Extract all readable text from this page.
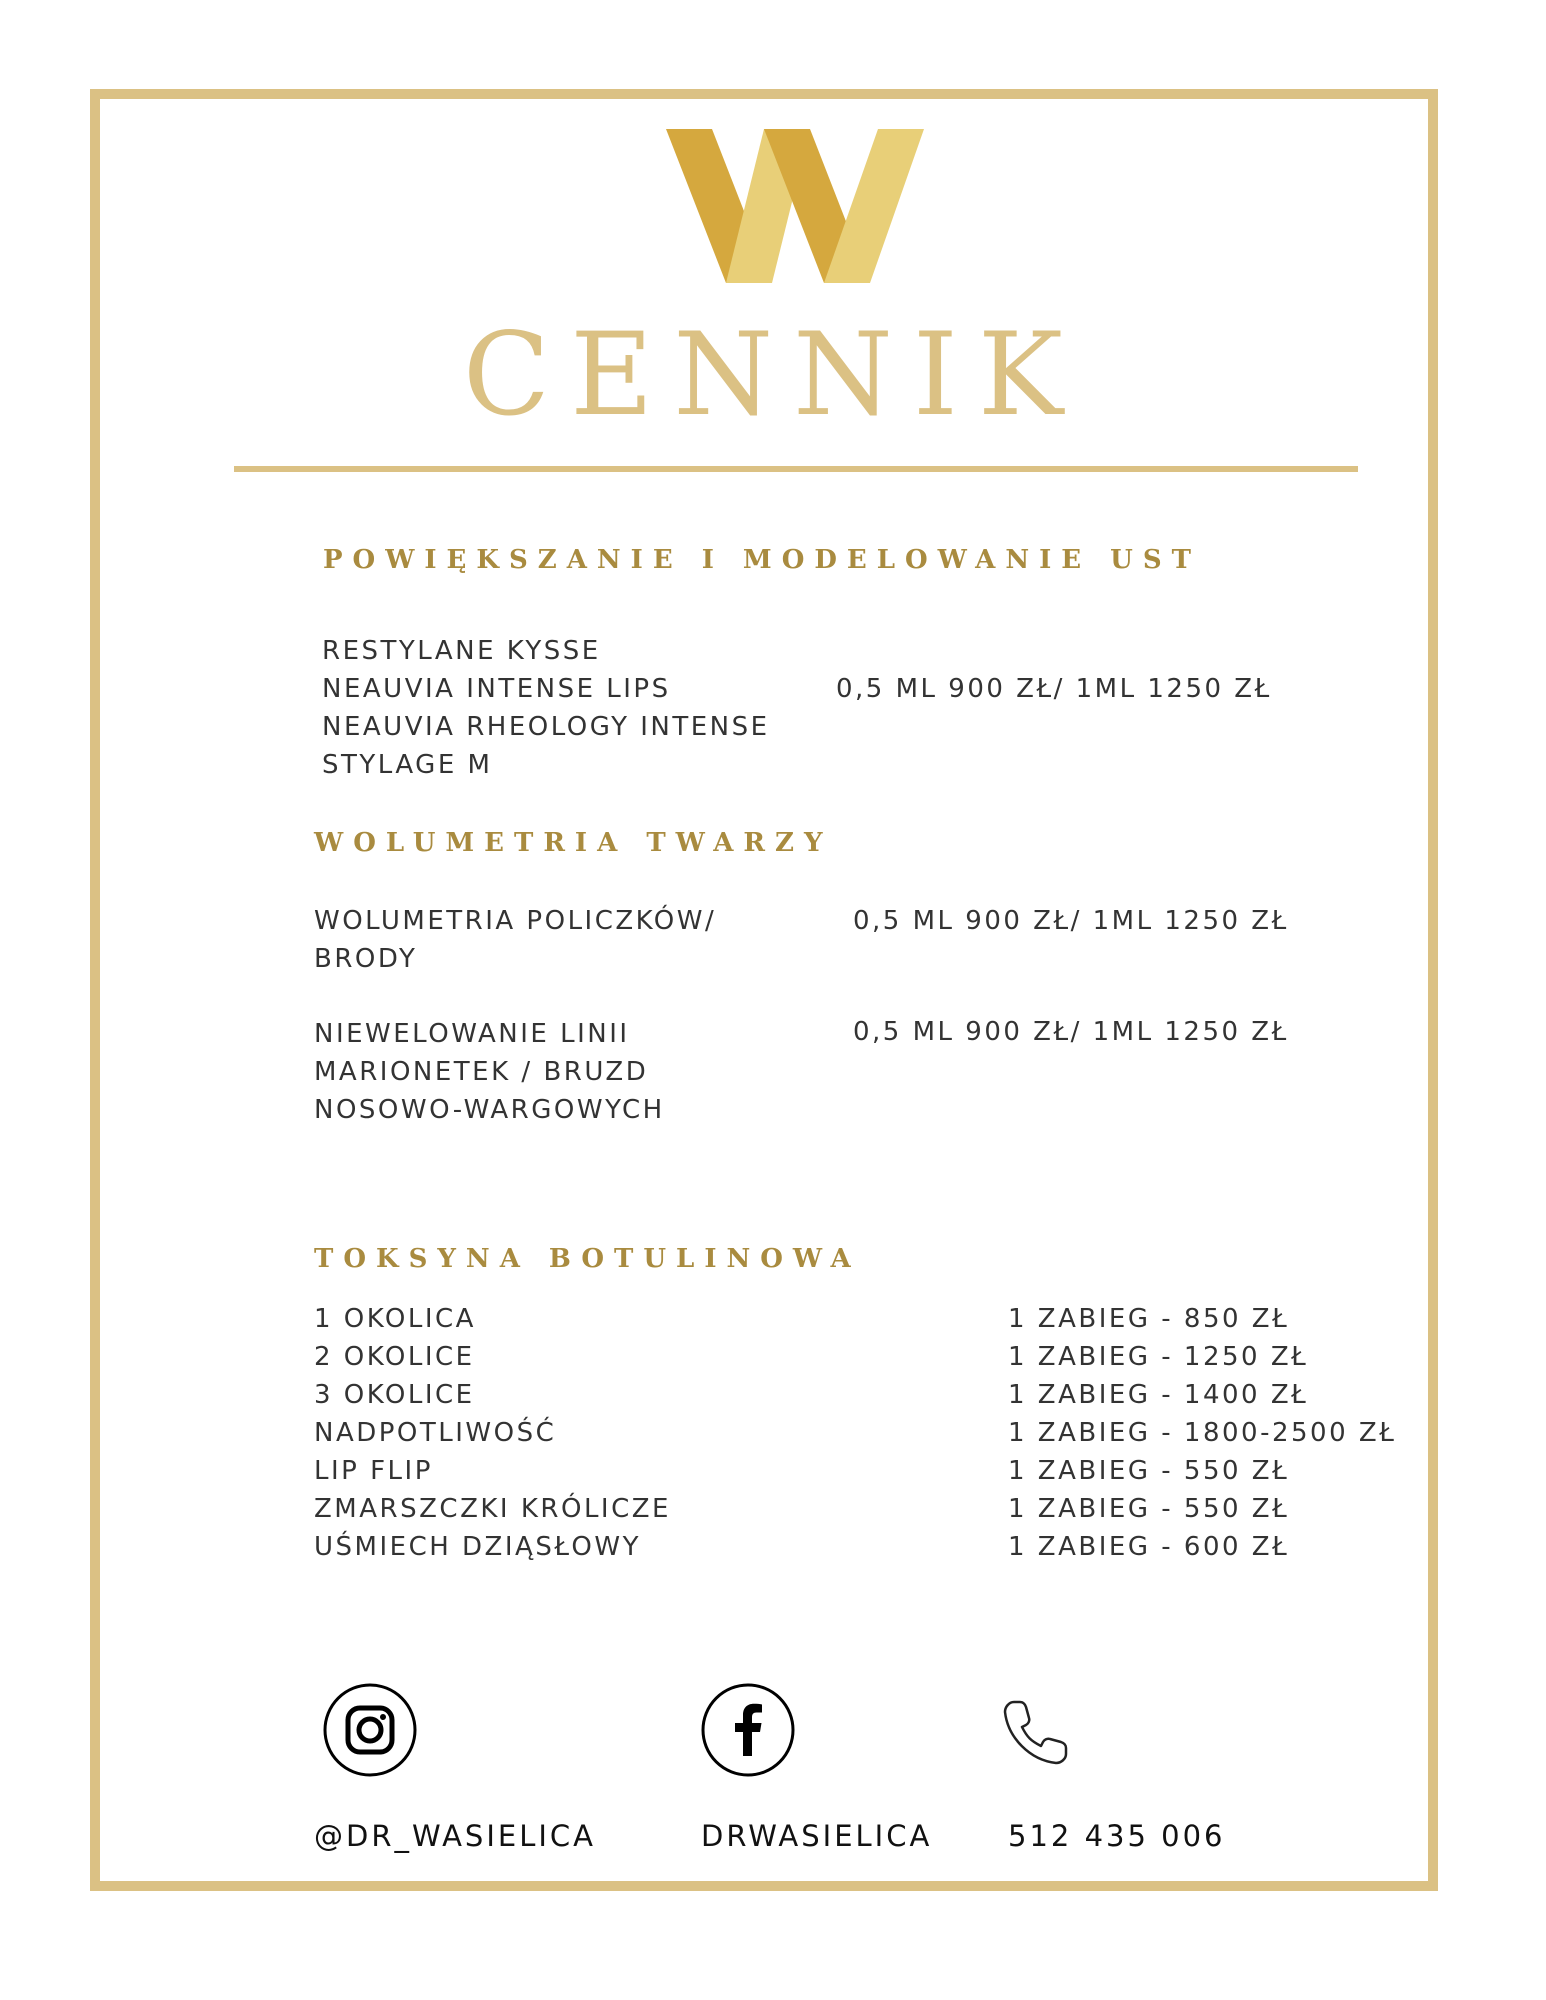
CENNIK
POWIĘKSZANIE I MODELOWANIE UST
RESTYLANE KYSSE
NEAUVIA INTENSE LIPS
NEAUVIA RHEOLOGY INTENSE
STYLAGE M
0,5 ML 900 ZŁ/ 1ML 1250 ZŁ
WOLUMETRIA TWARZY
WOLUMETRIA POLICZKÓW/
BRODY
0,5 ML 900 ZŁ/ 1ML 1250 ZŁ
NIEWELOWANIE LINII
MARIONETEK / BRUZD
NOSOWO-WARGOWYCH
0,5 ML 900 ZŁ/ 1ML 1250 ZŁ
TOKSYNA BOTULINOWA
1 OKOLICA
2 OKOLICE
3 OKOLICE
NADPOTLIWOŚĆ
LIP FLIP
ZMARSZCZKI KRÓLICZE
UŚMIECH DZIĄSŁOWY
1 ZABIEG - 850 ZŁ
1 ZABIEG - 1250 ZŁ
1 ZABIEG - 1400 ZŁ
1 ZABIEG - 1800-2500 ZŁ
1 ZABIEG - 550 ZŁ
1 ZABIEG - 550 ZŁ
1 ZABIEG - 600 ZŁ
@DR_WASIELICA	DRWASIELICA	512 435 006
